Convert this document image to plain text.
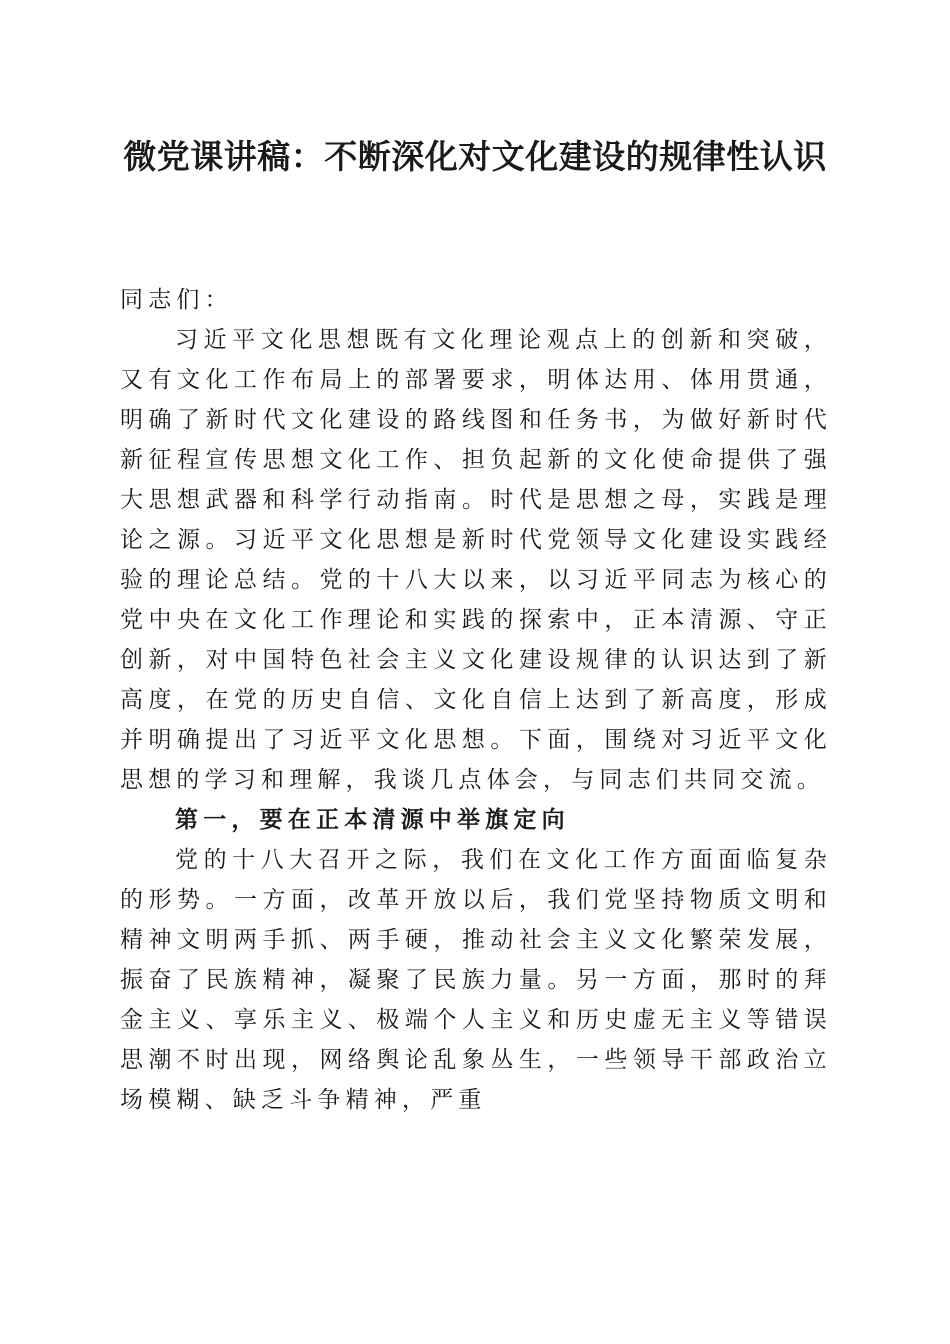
微党课讲稿：不断深化对文化建设的规律性认识

同志们：

习近平文化思想既有文化理论观点上的创新和突破，又有文化工作布局上的部署要求，明体达用、体用贯通，明确了新时代文化建设的路线图和任务书，为做好新时代新征程宣传思想文化工作、担负起新的文化使命提供了强大思想武器和科学行动指南。时代是思想之母，实践是理论之源。习近平文化思想是新时代党领导文化建设实践经验的理论总结。党的十八大以来，以习近平同志为核心的党中央在文化工作理论和实践的探索中，正本清源、守正创新，对中国特色社会主义文化建设规律的认识达到了新高度，在党的历史自信、文化自信上达到了新高度，形成并明确提出了习近平文化思想。下面，围绕对习近平文化思想的学习和理解，我谈几点体会，与同志们共同交流。

第一，要在正本清源中举旗定向

党的十八大召开之际，我们在文化工作方面面临复杂的形势。一方面，改革开放以后，我们党坚持物质文明和精神文明两手抓、两手硬，推动社会主义文化繁荣发展，振奋了民族精神，凝聚了民族力量。另一方面，那时的拜金主义、享乐主义、极端个人主义和历史虚无主义等错误思潮不时出现，网络舆论乱象丛生，一些领导干部政治立场模糊、缺乏斗争精神，严重
